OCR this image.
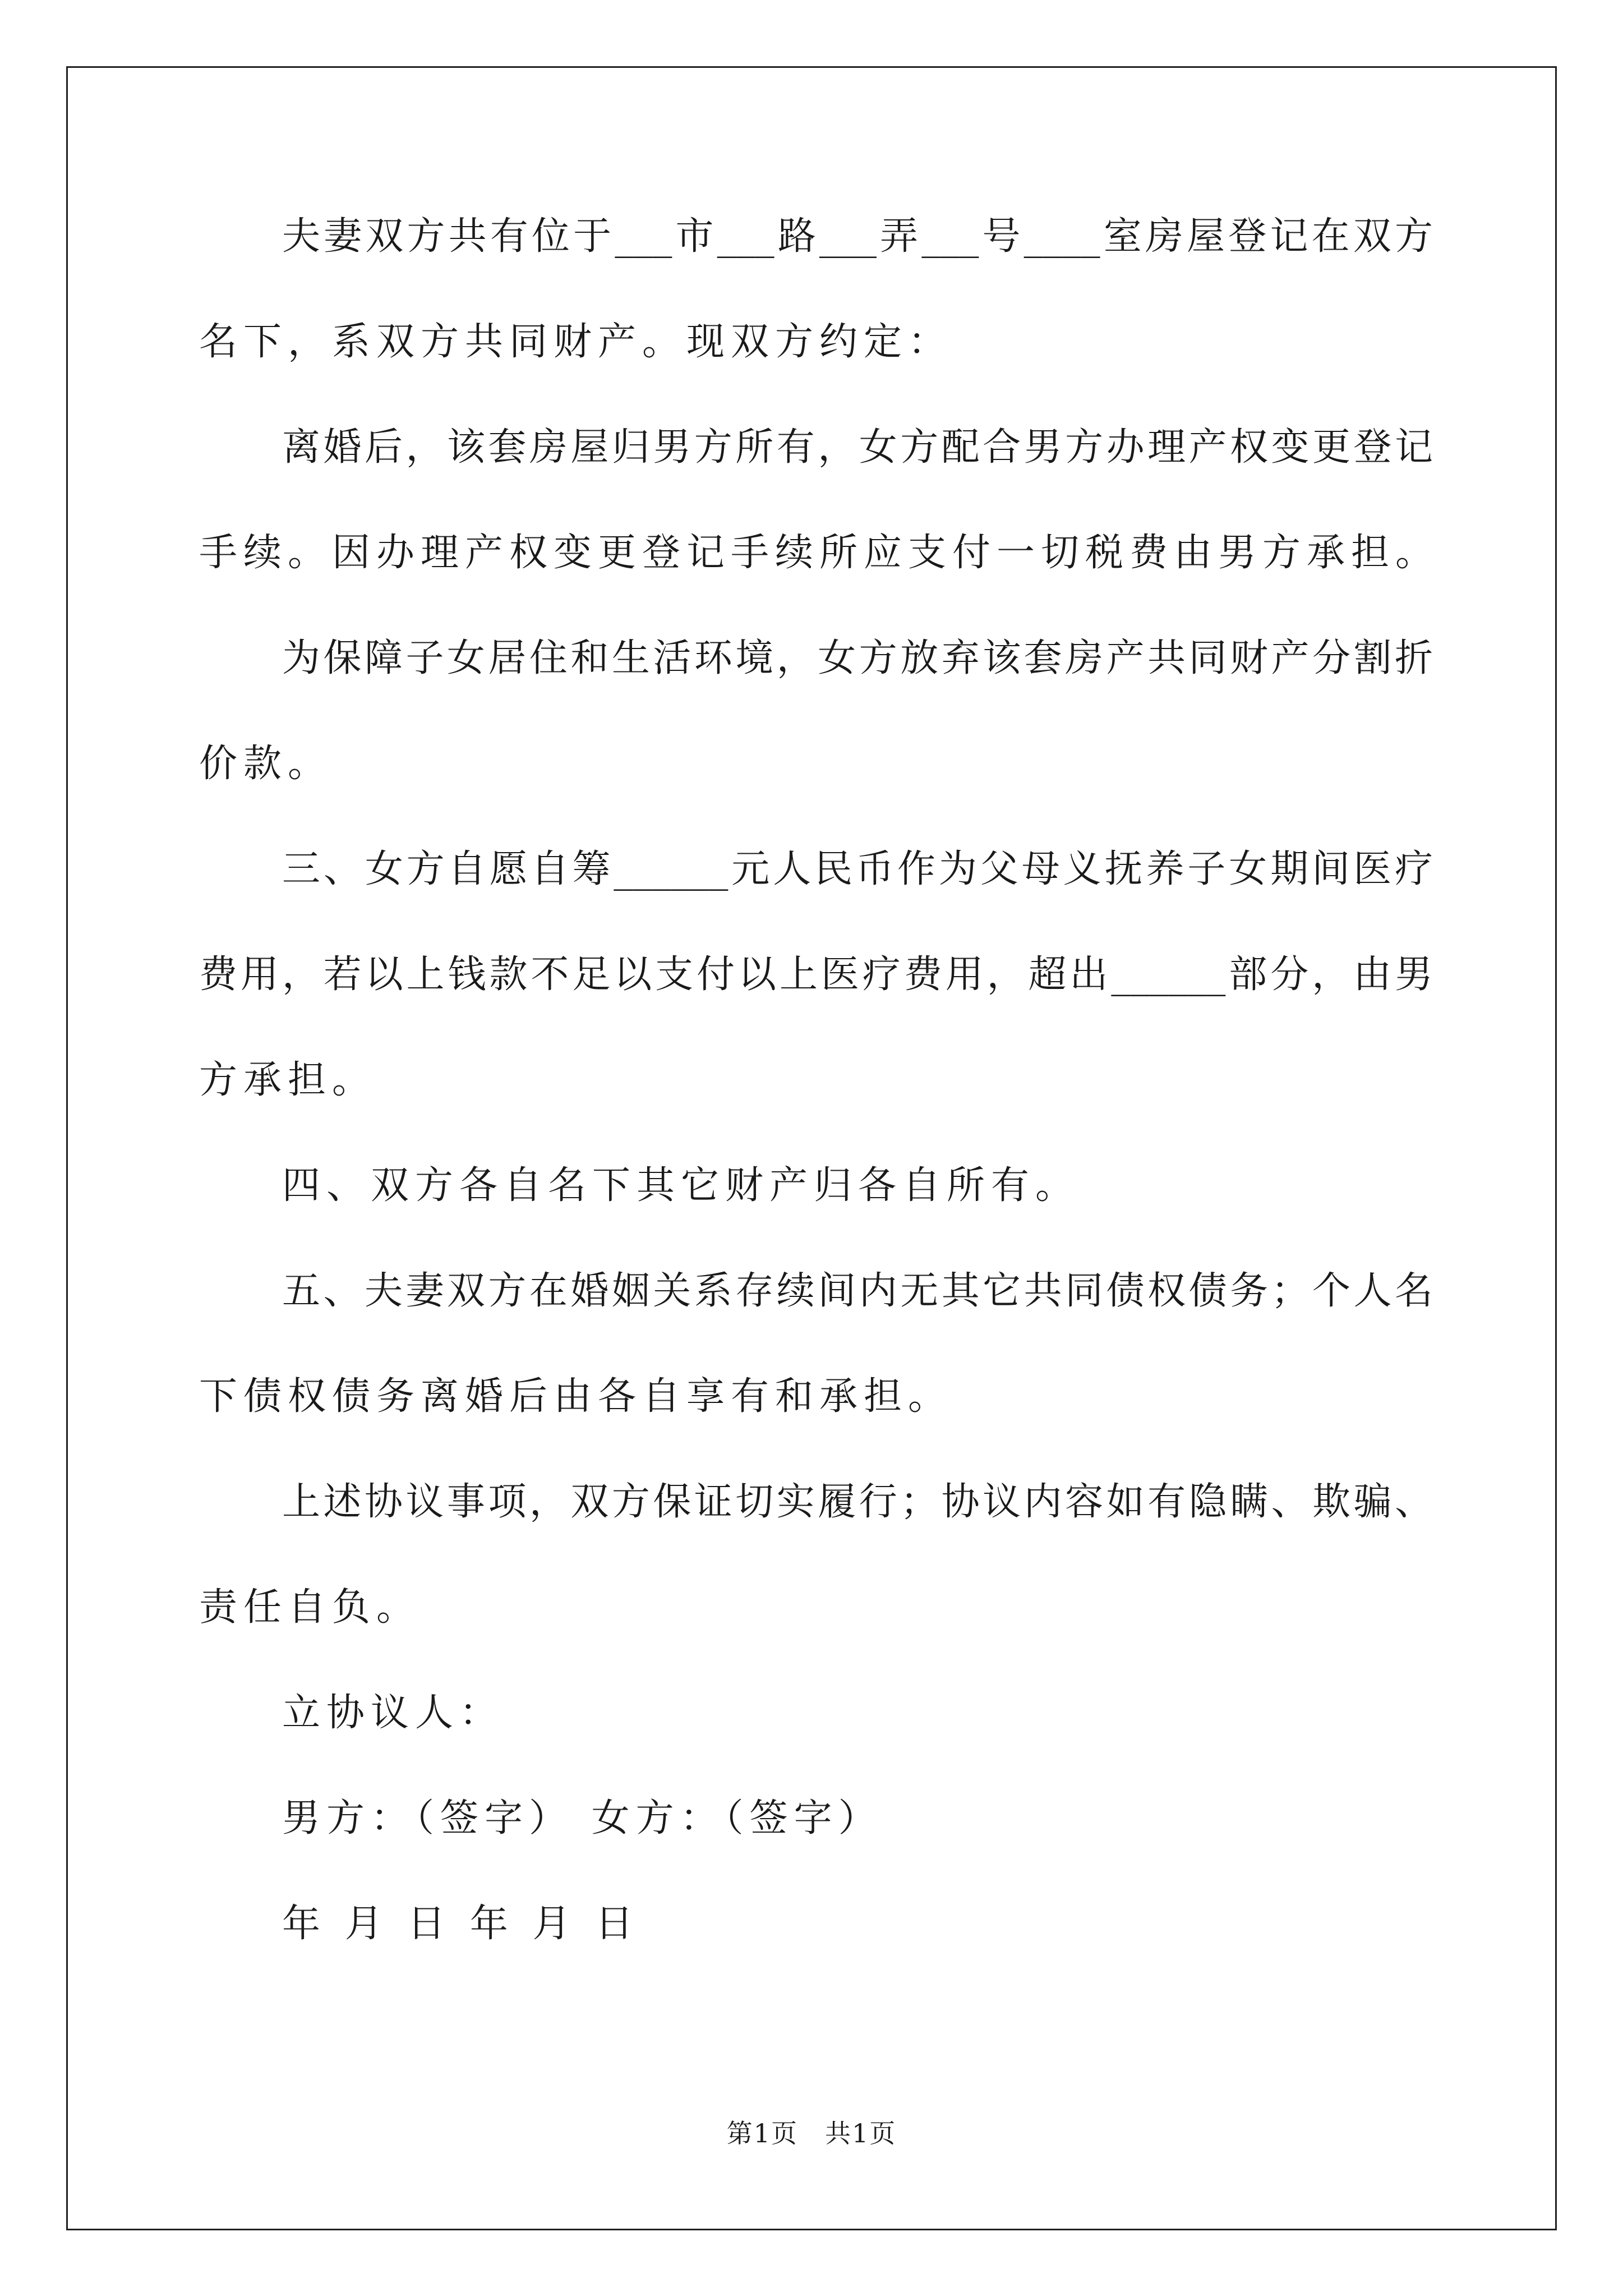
夫妻双方共有位于___市___路___弄___号____室房屋登记在双方
名下，系双方共同财产。现双方约定：
离婚后，该套房屋归男方所有，女方配合男方办理产权变更登记
手续。因办理产权变更登记手续所应支付一切税费由男方承担。
为保障子女居住和生活环境，女方放弃该套房产共同财产分割折
价款。
三、女方自愿自筹______元人民币作为父母义抚养子女期间医疗
费用，若以上钱款不足以支付以上医疗费用，超出______部分，由男
方承担。
四、双方各自名下其它财产归各自所有。
五、夫妻双方在婚姻关系存续间内无其它共同债权债务；个人名
下债权债务离婚后由各自享有和承担。
上述协议事项，双方保证切实履行；协议内容如有隐瞒、欺骗、
责任自负。
立协议人：
男方：（签字） 女方：（签字）
年 月 日 年 月 日
第1页　共1页
